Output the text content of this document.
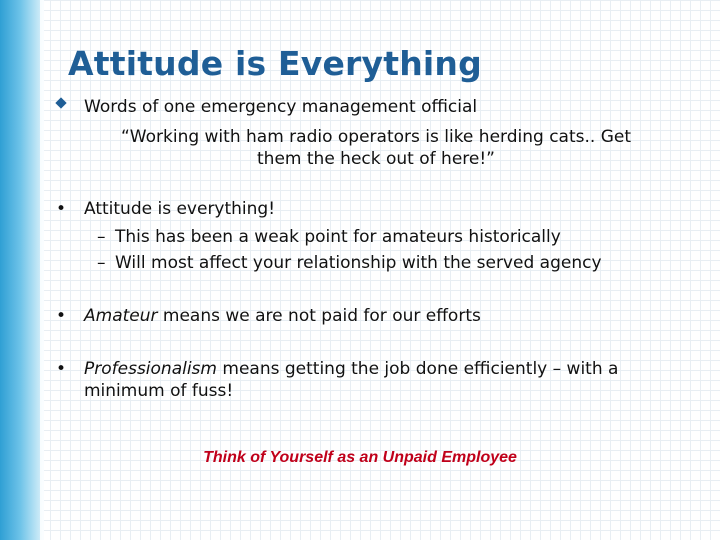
Attitude is Everything
Words of one emergency management official
“Working with ham radio operators is like herding cats.. Get
them the heck out of here!”
• Attitude is everything!
– This has been a weak point for amateurs historically
– Will most affect your relationship with the served agency
• Amateur means we are not paid for our efforts
• Professionalism means getting the job done efficiently – with a
minimum of fuss!
Think of Yourself as an Unpaid Employee
